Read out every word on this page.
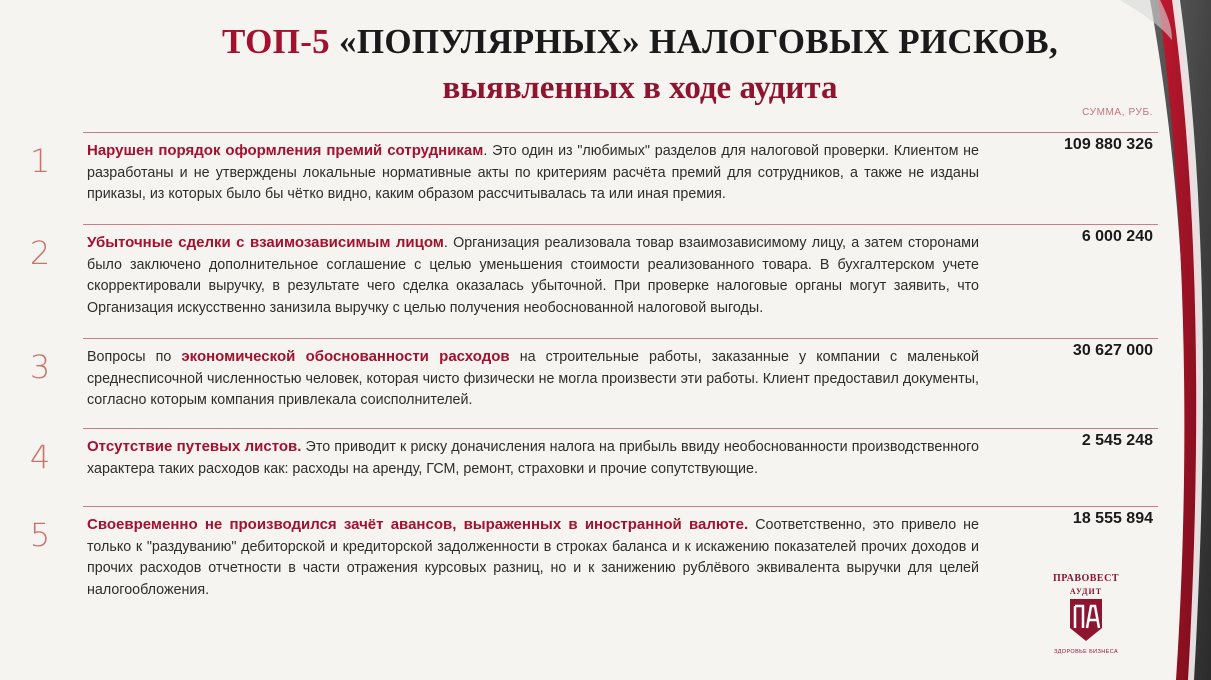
ТОП-5 «ПОПУЛЯРНЫХ» НАЛОГОВЫХ РИСКОВ,
выявленных в ходе аудита
СУММА, РУБ.
1 Нарушен порядок оформления премий сотрудникам. Это один из "любимых" разделов для налоговой проверки. Клиентом не разработаны и не утверждены локальные нормативные акты по критериям расчёта премий для сотрудников, а также не изданы приказы, из которых было бы чётко видно, каким образом рассчитывалась та или иная премия.
109 880 326
2 Убыточные сделки с взаимозависимым лицом. Организация реализовала товар взаимозависимому лицу, а затем сторонами было заключено дополнительное соглашение с целью уменьшения стоимости реализованного товара. В бухгалтерском учете скорректировали выручку, в результате чего сделка оказалась убыточной. При проверке налоговые органы могут заявить, что Организация искусственно занизила выручку с целью получения необоснованной налоговой выгоды.
6 000 240
3	Вопросы по экономической обоснованности расходов на строительные работы, заказанные у компании с маленькой среднесписочной численностью человек, которая чисто физически не могла произвести эти работы. Клиент предоставил документы, согласно которым компания привлекала соисполнителей.
30 627 000
4 Отсутствие путевых листов. Это приводит к риску доначисления налога на прибыль ввиду необоснованности производственного характера таких расходов как: расходы на аренду, ГСМ, ремонт, страховки и прочие сопутствующие.
2 545 248
5 Своевременно не производился зачёт авансов, выраженных в иностранной валюте. Соответственно, это привело не только к "раздуванию" дебиторской и кредиторской задолженности в строках баланса и к искажению показателей прочих доходов и прочих расходов отчетности в части отражения курсовых разниц, но и к занижению рублёвого эквивалента выручки для целей налогообложения.
18 555 894
ПРАВОВЕСТ
АУДИТ
ЗДОРОВЬЕ БИЗНЕСА
